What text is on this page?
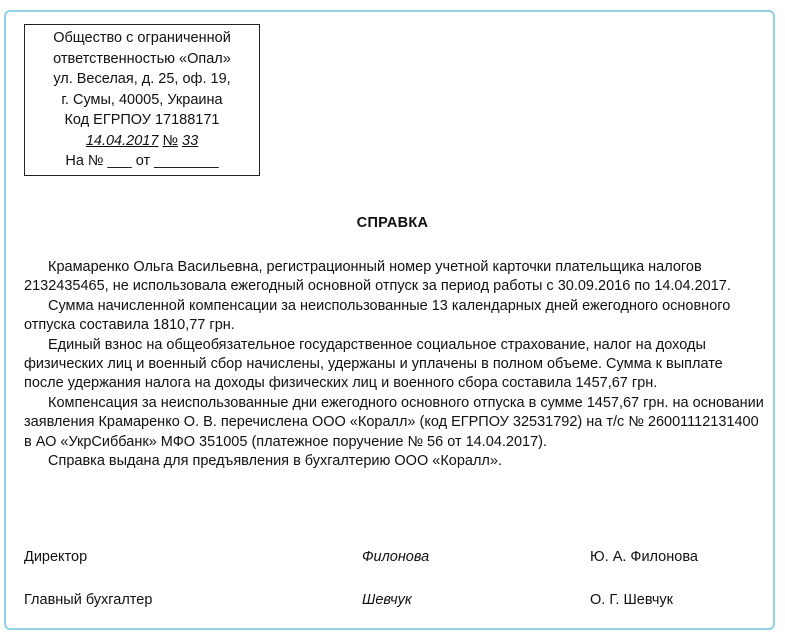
Общество с ограниченной
ответственностью «Опал»
ул. Веселая, д. 25, оф. 19,
г. Сумы, 40005, Украина
Код ЕГРПОУ 17188171
14.04.2017 № 33
На № ___ от ________
СПРАВКА

Крамаренко Ольга Васильевна, регистрационный номер учетной карточки плательщика налогов 2132435465, не использовала ежегодный основной отпуск за период работы с 30.09.2016 по 14.04.2017.

Сумма начисленной компенсации за неиспользованные 13 календарных дней ежегодного основного отпуска составила 1810,77 грн.

Единый взнос на общеобязательное государственное социальное страхование, налог на доходы физических лиц и военный сбор начислены, удержаны и уплачены в полном объеме. Сумма к выплате после удержания налога на доходы физических лиц и военного сбора составила 1457,67 грн.

Компенсация за неиспользованные дни ежегодного основного отпуска в сумме 1457,67 грн. на основании заявления Крамаренко О. В. перечислена ООО «Коралл» (код ЕГРПОУ 32531792) на т/с № 26001112131400 в АО «УкрСиббанк» МФО 351005 (платежное поручение № 56 от 14.04.2017).

Справка выдана для предъявления в бухгалтерию ООО «Коралл».

Директор	Филонова	Ю. А. Филонова
Главный бухгалтер	Шевчук	О. Г. Шевчук
